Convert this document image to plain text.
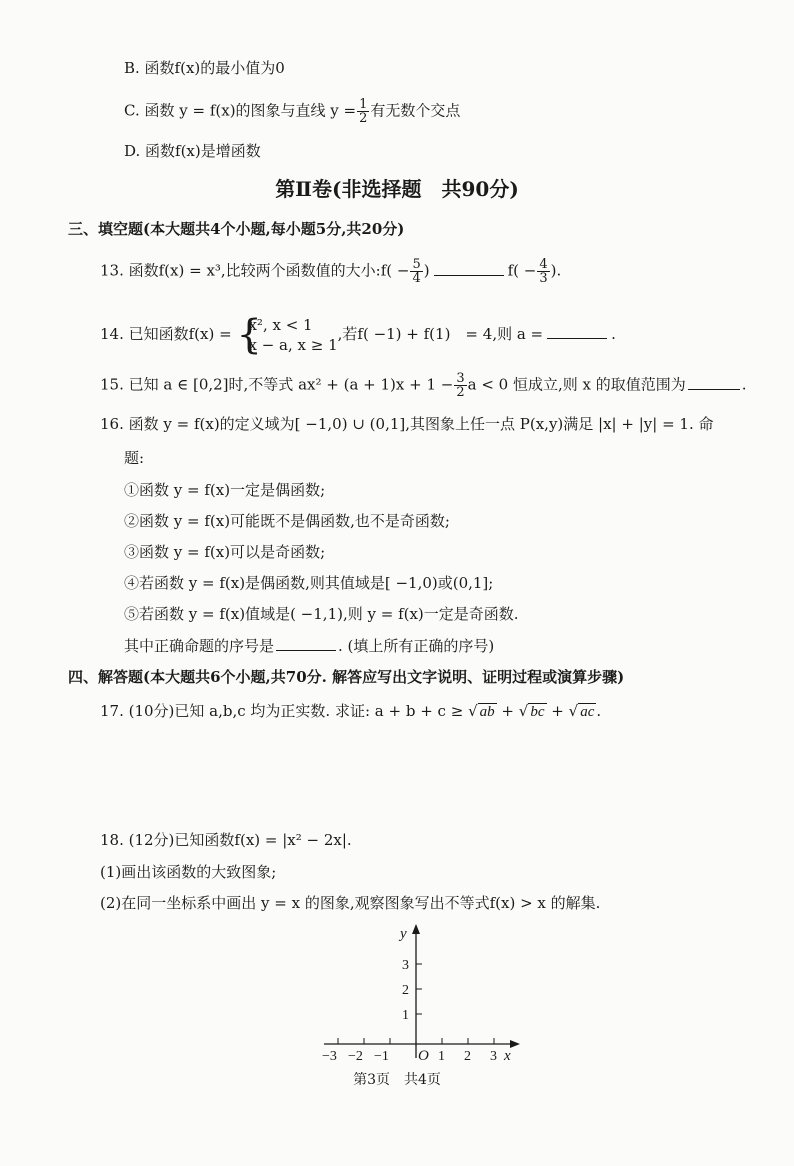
B. 函数f(x)的最小值为0
C. 函数 y = f(x)的图象与直线 $y = \frac{1}{2}$ 有无数个交点
D. 函数f(x)是增函数
第Ⅱ卷(非选择题　共90分)
三、填空题(本大题共4个小题,每小题5分,共20分)
13. 函数f(x) = x³,比较两个函数值的大小:f( − $\frac{5}{4}$ )	$f( - \frac{4}{3}$ ).
14. 已知函数f(x) = {
x², x < 1
x − a, x ≥ 1
,若f( −1) + f(1)　= 4,则 a =	.
15. 已知 a ∈ [0,2]时,不等式 $ax^2 + (a + 1)x + 1 - \frac{3}{2}$ a < 0 恒成立,则 x 的取值范围为	.
16. 函数 y = f(x)的定义域为[ −1,0) ∪ (0,1],其图象上任一点 P(x,y)满足 |x| + |y| = 1. 命
题:
①函数 y = f(x)一定是偶函数;
②函数 y = f(x)可能既不是偶函数,也不是奇函数;
③函数 y = f(x)可以是奇函数;
④若函数 y = f(x)是偶函数,则其值域是[ −1,0)或(0,1];
⑤若函数 y = f(x)值域是( −1,1),则 y = f(x)一定是奇函数.
其中正确命题的序号是	. (填上所有正确的序号)
四、解答题(本大题共6个小题,共70分. 解答应写出文字说明、证明过程或演算步骤)
17. (10分)已知 a,b,c 均为正实数. 求证: a + b + c ≥ √ ab + √ bc + √ ac .
18. (12分)已知函数f(x) = |x² − 2x|.
(1)画出该函数的大致图象;
(2)在同一坐标系中画出 y = x 的图象,观察图象写出不等式f(x) > x 的解集.
y
x
O
1
2
3
−3 −2 −1	1 2 3
第3页　共4页
